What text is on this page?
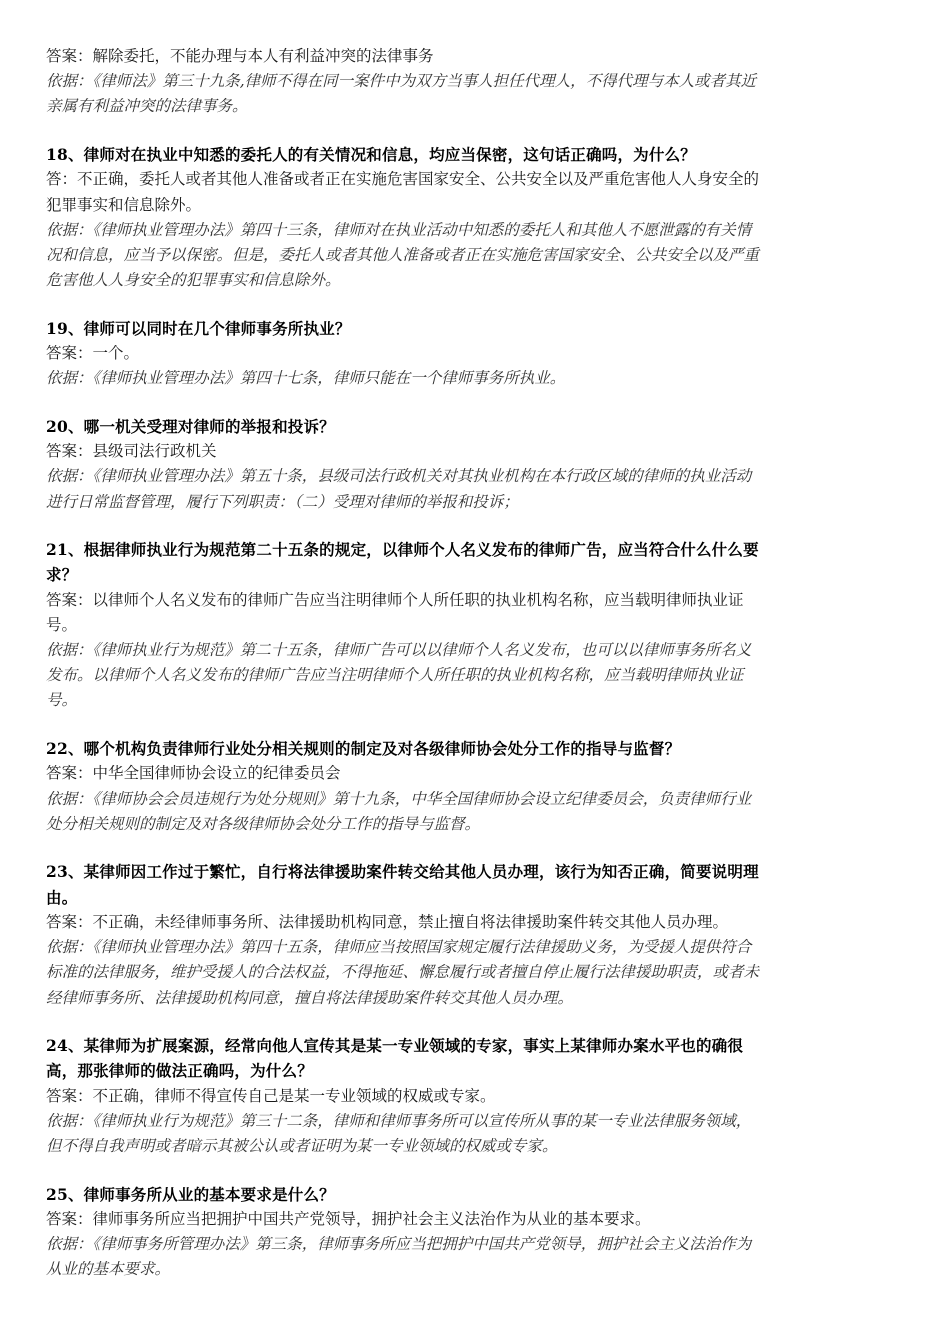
答案：解除委托，不能办理与本人有利益冲突的法律事务
依据：《律师法》第三十九条,律师不得在同一案件中为双方当事人担任代理人，不得代理与本人或者其近
亲属有利益冲突的法律事务。
18、律师对在执业中知悉的委托人的有关情况和信息，均应当保密，这句话正确吗，为什么？
答：不正确，委托人或者其他人准备或者正在实施危害国家安全、公共安全以及严重危害他人人身安全的
犯罪事实和信息除外。
依据：《律师执业管理办法》第四十三条，律师对在执业活动中知悉的委托人和其他人不愿泄露的有关情
况和信息，应当予以保密。但是，委托人或者其他人准备或者正在实施危害国家安全、公共安全以及严重
危害他人人身安全的犯罪事实和信息除外。
19、律师可以同时在几个律师事务所执业？
答案：一个。
依据：《律师执业管理办法》第四十七条，律师只能在一个律师事务所执业。
20、哪一机关受理对律师的举报和投诉？
答案：县级司法行政机关
依据：《律师执业管理办法》第五十条，县级司法行政机关对其执业机构在本行政区域的律师的执业活动
进行日常监督管理，履行下列职责：（二）受理对律师的举报和投诉；
21、根据律师执业行为规范第二十五条的规定，以律师个人名义发布的律师广告，应当符合什么什么要
求？
答案：以律师个人名义发布的律师广告应当注明律师个人所任职的执业机构名称，应当载明律师执业证
号。
依据：《律师执业行为规范》第二十五条，律师广告可以以律师个人名义发布，也可以以律师事务所名义
发布。以律师个人名义发布的律师广告应当注明律师个人所任职的执业机构名称，应当载明律师执业证
号。
22、哪个机构负责律师行业处分相关规则的制定及对各级律师协会处分工作的指导与监督？
答案：中华全国律师协会设立的纪律委员会
依据：《律师协会会员违规行为处分规则》第十九条，中华全国律师协会设立纪律委员会，负责律师行业
处分相关规则的制定及对各级律师协会处分工作的指导与监督。
23、某律师因工作过于繁忙，自行将法律援助案件转交给其他人员办理，该行为知否正确，简要说明理
由。
答案：不正确，未经律师事务所、法律援助机构同意，禁止擅自将法律援助案件转交其他人员办理。
依据：《律师执业管理办法》第四十五条，律师应当按照国家规定履行法律援助义务，为受援人提供符合
标准的法律服务，维护受援人的合法权益，不得拖延、懈怠履行或者擅自停止履行法律援助职责，或者未
经律师事务所、法律援助机构同意，擅自将法律援助案件转交其他人员办理。
24、某律师为扩展案源，经常向他人宣传其是某一专业领域的专家，事实上某律师办案水平也的确很
高，那张律师的做法正确吗，为什么？
答案：不正确，律师不得宣传自己是某一专业领域的权威或专家。
依据：《律师执业行为规范》第三十二条，律师和律师事务所可以宣传所从事的某一专业法律服务领域，
但不得自我声明或者暗示其被公认或者证明为某一专业领域的权威或专家。
25、律师事务所从业的基本要求是什么？
答案：律师事务所应当把拥护中国共产党领导，拥护社会主义法治作为从业的基本要求。
依据：《律师事务所管理办法》第三条，律师事务所应当把拥护中国共产党领导，拥护社会主义法治作为
从业的基本要求。
